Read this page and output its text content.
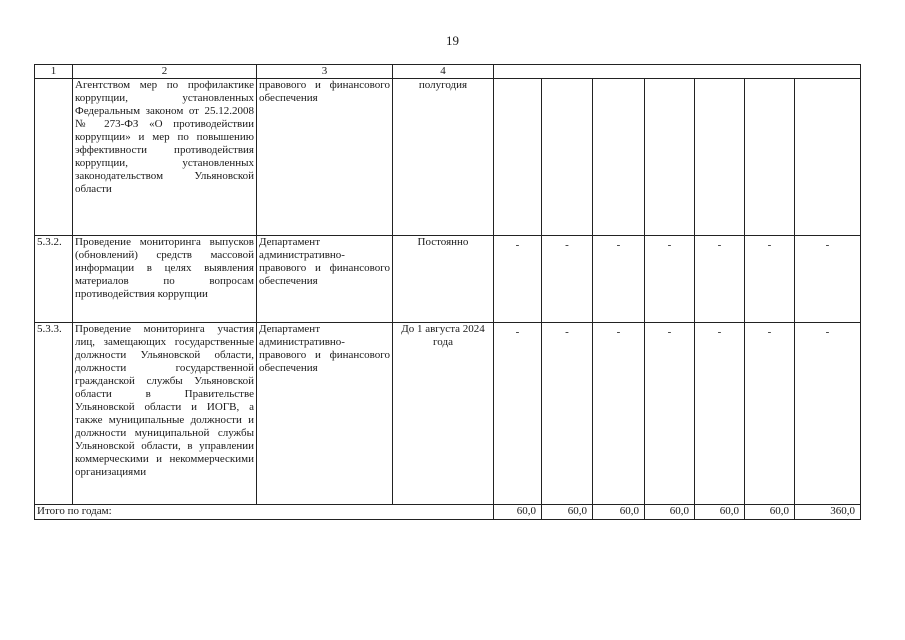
19
1	2	3	4							
	Агентством мер по профилактике коррупции, установленных Федеральным законом от 25.12.2008 № 273-ФЗ «О противодействии коррупции» и мер по повышению эффективности противодействия коррупции, установленных законодательством Ульяновской области	правового и финансового обеспечения	полугодия							
5.3.2.	Проведение мониторинга выпусков (обновлений) средств массовой информации в целях выявления материалов по вопросам противодействия коррупции	Департамент административно-правового и финансового обеспечения	Постоянно	-	-	-	-	-	-	-
5.3.3.	Проведение мониторинга участия лиц, замещающих государственные должности Ульяновской области, должности государственной гражданской службы Ульяновской области в Правительстве Ульяновской области и ИОГВ, а также муниципальные должности и должности муниципальной службы Ульяновской области, в управлении коммерческими и некоммерческими организациями	Департамент административно-правового и финансового обеспечения	До 1 августа 2024 года	-	-	-	-	-	-	-
Итого по годам:				60,0	60,0	60,0	60,0	60,0	60,0	360,0
